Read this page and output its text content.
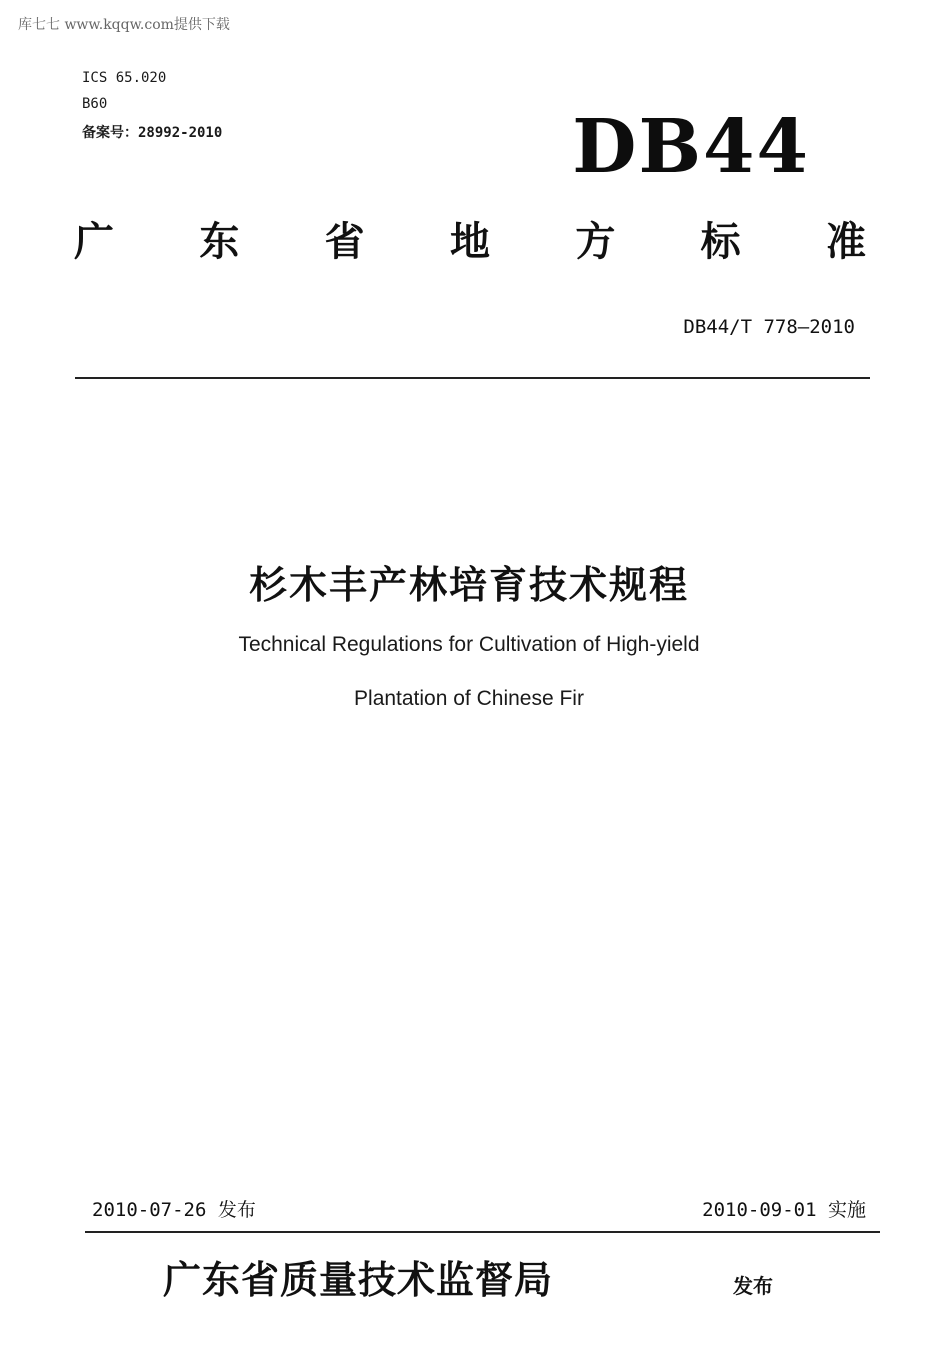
库七七 www.kqqw.com提供下载
ICS 65.020
B60
备案号：28992-2010	DB44
广 东 省 地 方 标 准
DB44/T 778—2010
杉木丰产林培育技术规程
Technical Regulations for Cultivation of High-yield
Plantation of Chinese Fir
2010-07-26 发布	2010-09-01 实施
广东省质量技术监督局	发布
